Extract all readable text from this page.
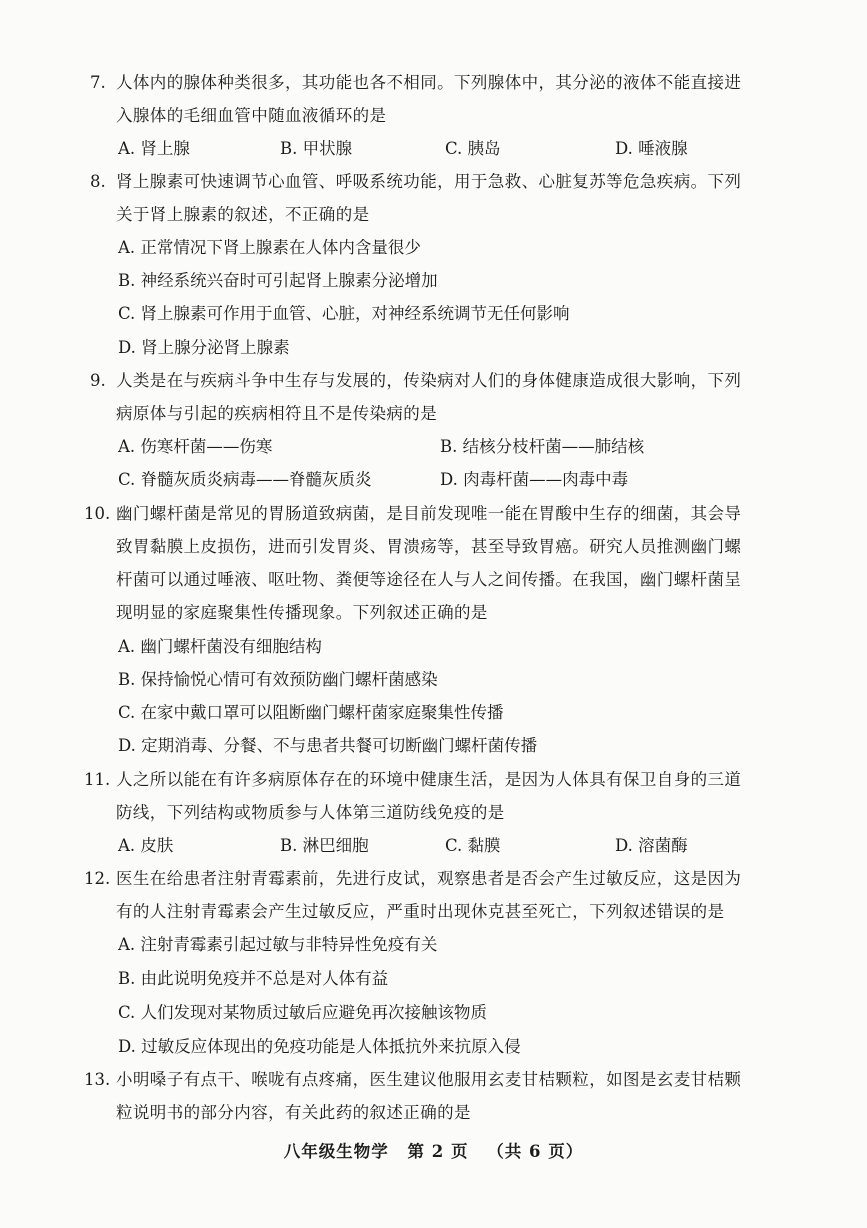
7. 人体内的腺体种类很多，其功能也各不相同。下列腺体中，其分泌的液体不能直接进
入腺体的毛细血管中随血液循环的是
A. 肾上腺	B. 甲状腺	C. 胰岛	D. 唾液腺
8. 肾上腺素可快速调节心血管、呼吸系统功能，用于急救、心脏复苏等危急疾病。下列
关于肾上腺素的叙述，不正确的是
A. 正常情况下肾上腺素在人体内含量很少
B. 神经系统兴奋时可引起肾上腺素分泌增加
C. 肾上腺素可作用于血管、心脏，对神经系统调节无任何影响
D. 肾上腺分泌肾上腺素
9. 人类是在与疾病斗争中生存与发展的，传染病对人们的身体健康造成很大影响，下列
病原体与引起的疾病相符且不是传染病的是
A. 伤寒杆菌——伤寒	B. 结核分枝杆菌——肺结核
C. 脊髓灰质炎病毒——脊髓灰质炎	D. 肉毒杆菌——肉毒中毒
10. 幽门螺杆菌是常见的胃肠道致病菌，是目前发现唯一能在胃酸中生存的细菌，其会导
致胃黏膜上皮损伤，进而引发胃炎、胃溃疡等，甚至导致胃癌。研究人员推测幽门螺
杆菌可以通过唾液、呕吐物、粪便等途径在人与人之间传播。在我国，幽门螺杆菌呈
现明显的家庭聚集性传播现象。下列叙述正确的是
A. 幽门螺杆菌没有细胞结构
B. 保持愉悦心情可有效预防幽门螺杆菌感染
C. 在家中戴口罩可以阻断幽门螺杆菌家庭聚集性传播
D. 定期消毒、分餐、不与患者共餐可切断幽门螺杆菌传播
11. 人之所以能在有许多病原体存在的环境中健康生活，是因为人体具有保卫自身的三道
防线，下列结构或物质参与人体第三道防线免疫的是
A. 皮肤	B. 淋巴细胞	C. 黏膜	D. 溶菌酶
12. 医生在给患者注射青霉素前，先进行皮试，观察患者是否会产生过敏反应，这是因为
有的人注射青霉素会产生过敏反应，严重时出现休克甚至死亡，下列叙述错误的是
A. 注射青霉素引起过敏与非特异性免疫有关
B. 由此说明免疫并不总是对人体有益
C. 人们发现对某物质过敏后应避免再次接触该物质
D. 过敏反应体现出的免疫功能是人体抵抗外来抗原入侵
13. 小明嗓子有点干、喉咙有点疼痛，医生建议他服用玄麦甘桔颗粒，如图是玄麦甘桔颗
粒说明书的部分内容，有关此药的叙述正确的是
八年级生物学 第 2 页 （共 6 页）
